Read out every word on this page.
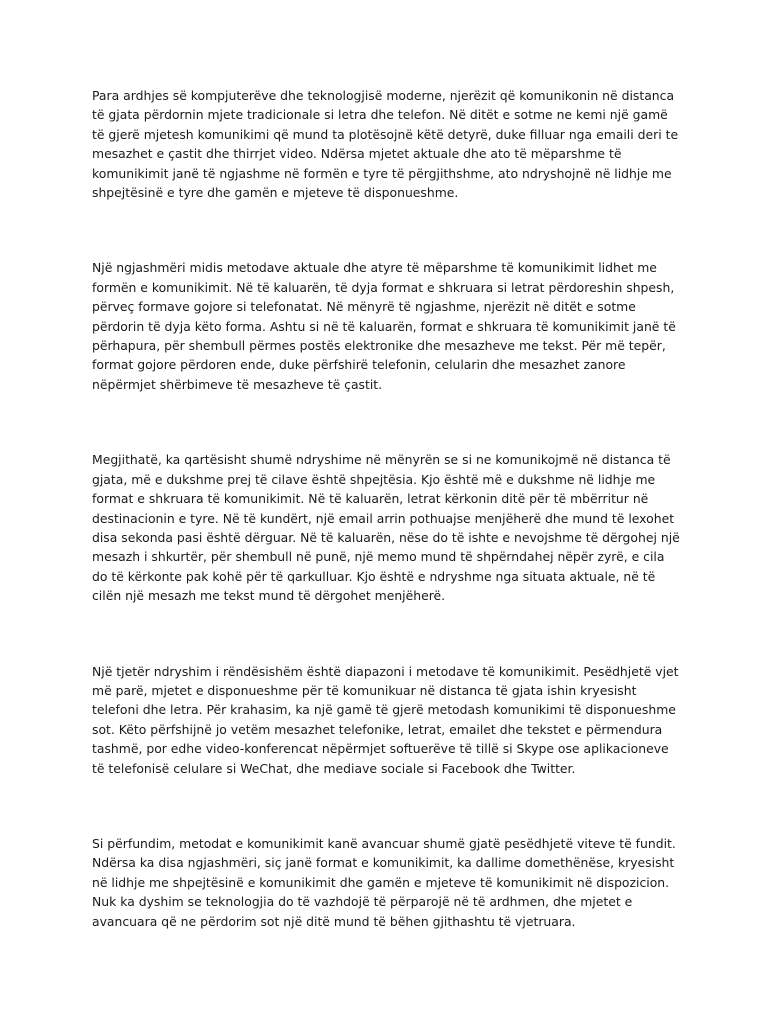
Para ardhjes së kompjuterëve dhe teknologjisë moderne, njerëzit që komunikonin në distanca të gjata përdornin mjete tradicionale si letra dhe telefon. Në ditët e sotme ne kemi një gamë të gjerë mjetesh komunikimi që mund ta plotësojnë këtë detyrë, duke filluar nga emaili deri te mesazhet e çastit dhe thirrjet video. Ndërsa mjetet aktuale dhe ato të mëparshme të komunikimit janë të ngjashme në formën e tyre të përgjithshme, ato ndryshojnë në lidhje me shpejtësinë e tyre dhe gamën e mjeteve të disponueshme.

Një ngjashmëri midis metodave aktuale dhe atyre të mëparshme të komunikimit lidhet me formën e komunikimit. Në të kaluarën, të dyja format e shkruara si letrat përdoreshin shpesh, përveç formave gojore si telefonatat. Në mënyrë të ngjashme, njerëzit në ditët e sotme përdorin të dyja këto forma. Ashtu si në të kaluarën, format e shkruara të komunikimit janë të përhapura, për shembull përmes postës elektronike dhe mesazheve me tekst. Për më tepër, format gojore përdoren ende, duke përfshirë telefonin, celularin dhe mesazhet zanore nëpërmjet shërbimeve të mesazheve të çastit.

Megjithatë, ka qartësisht shumë ndryshime në mënyrën se si ne komunikojmë në distanca të gjata, më e dukshme prej të cilave është shpejtësia. Kjo është më e dukshme në lidhje me format e shkruara të komunikimit. Në të kaluarën, letrat kërkonin ditë për të mbërritur në destinacionin e tyre. Në të kundërt, një email arrin pothuajse menjëherë dhe mund të lexohet disa sekonda pasi është dërguar. Në të kaluarën, nëse do të ishte e nevojshme të dërgohej një mesazh i shkurtër, për shembull në punë, një memo mund të shpërndahej nëpër zyrë, e cila do të kërkonte pak kohë për të qarkulluar. Kjo është e ndryshme nga situata aktuale, në të cilën një mesazh me tekst mund të dërgohet menjëherë.

Një tjetër ndryshim i rëndësishëm është diapazoni i metodave të komunikimit. Pesëdhjetë vjet më parë, mjetet e disponueshme për të komunikuar në distanca të gjata ishin kryesisht telefoni dhe letra. Për krahasim, ka një gamë të gjerë metodash komunikimi të disponueshme sot. Këto përfshijnë jo vetëm mesazhet telefonike, letrat, emailet dhe tekstet e përmendura tashmë, por edhe video-konferencat nëpërmjet softuerëve të tillë si Skype ose aplikacioneve të telefonisë celulare si WeChat, dhe mediave sociale si Facebook dhe Twitter.

Si përfundim, metodat e komunikimit kanë avancuar shumë gjatë pesëdhjetë viteve të fundit. Ndërsa ka disa ngjashmëri, siç janë format e komunikimit, ka dallime domethënëse, kryesisht në lidhje me shpejtësinë e komunikimit dhe gamën e mjeteve të komunikimit në dispozicion. Nuk ka dyshim se teknologjia do të vazhdojë të përparojë në të ardhmen, dhe mjetet e avancuara që ne përdorim sot një ditë mund të bëhen gjithashtu të vjetruara.
